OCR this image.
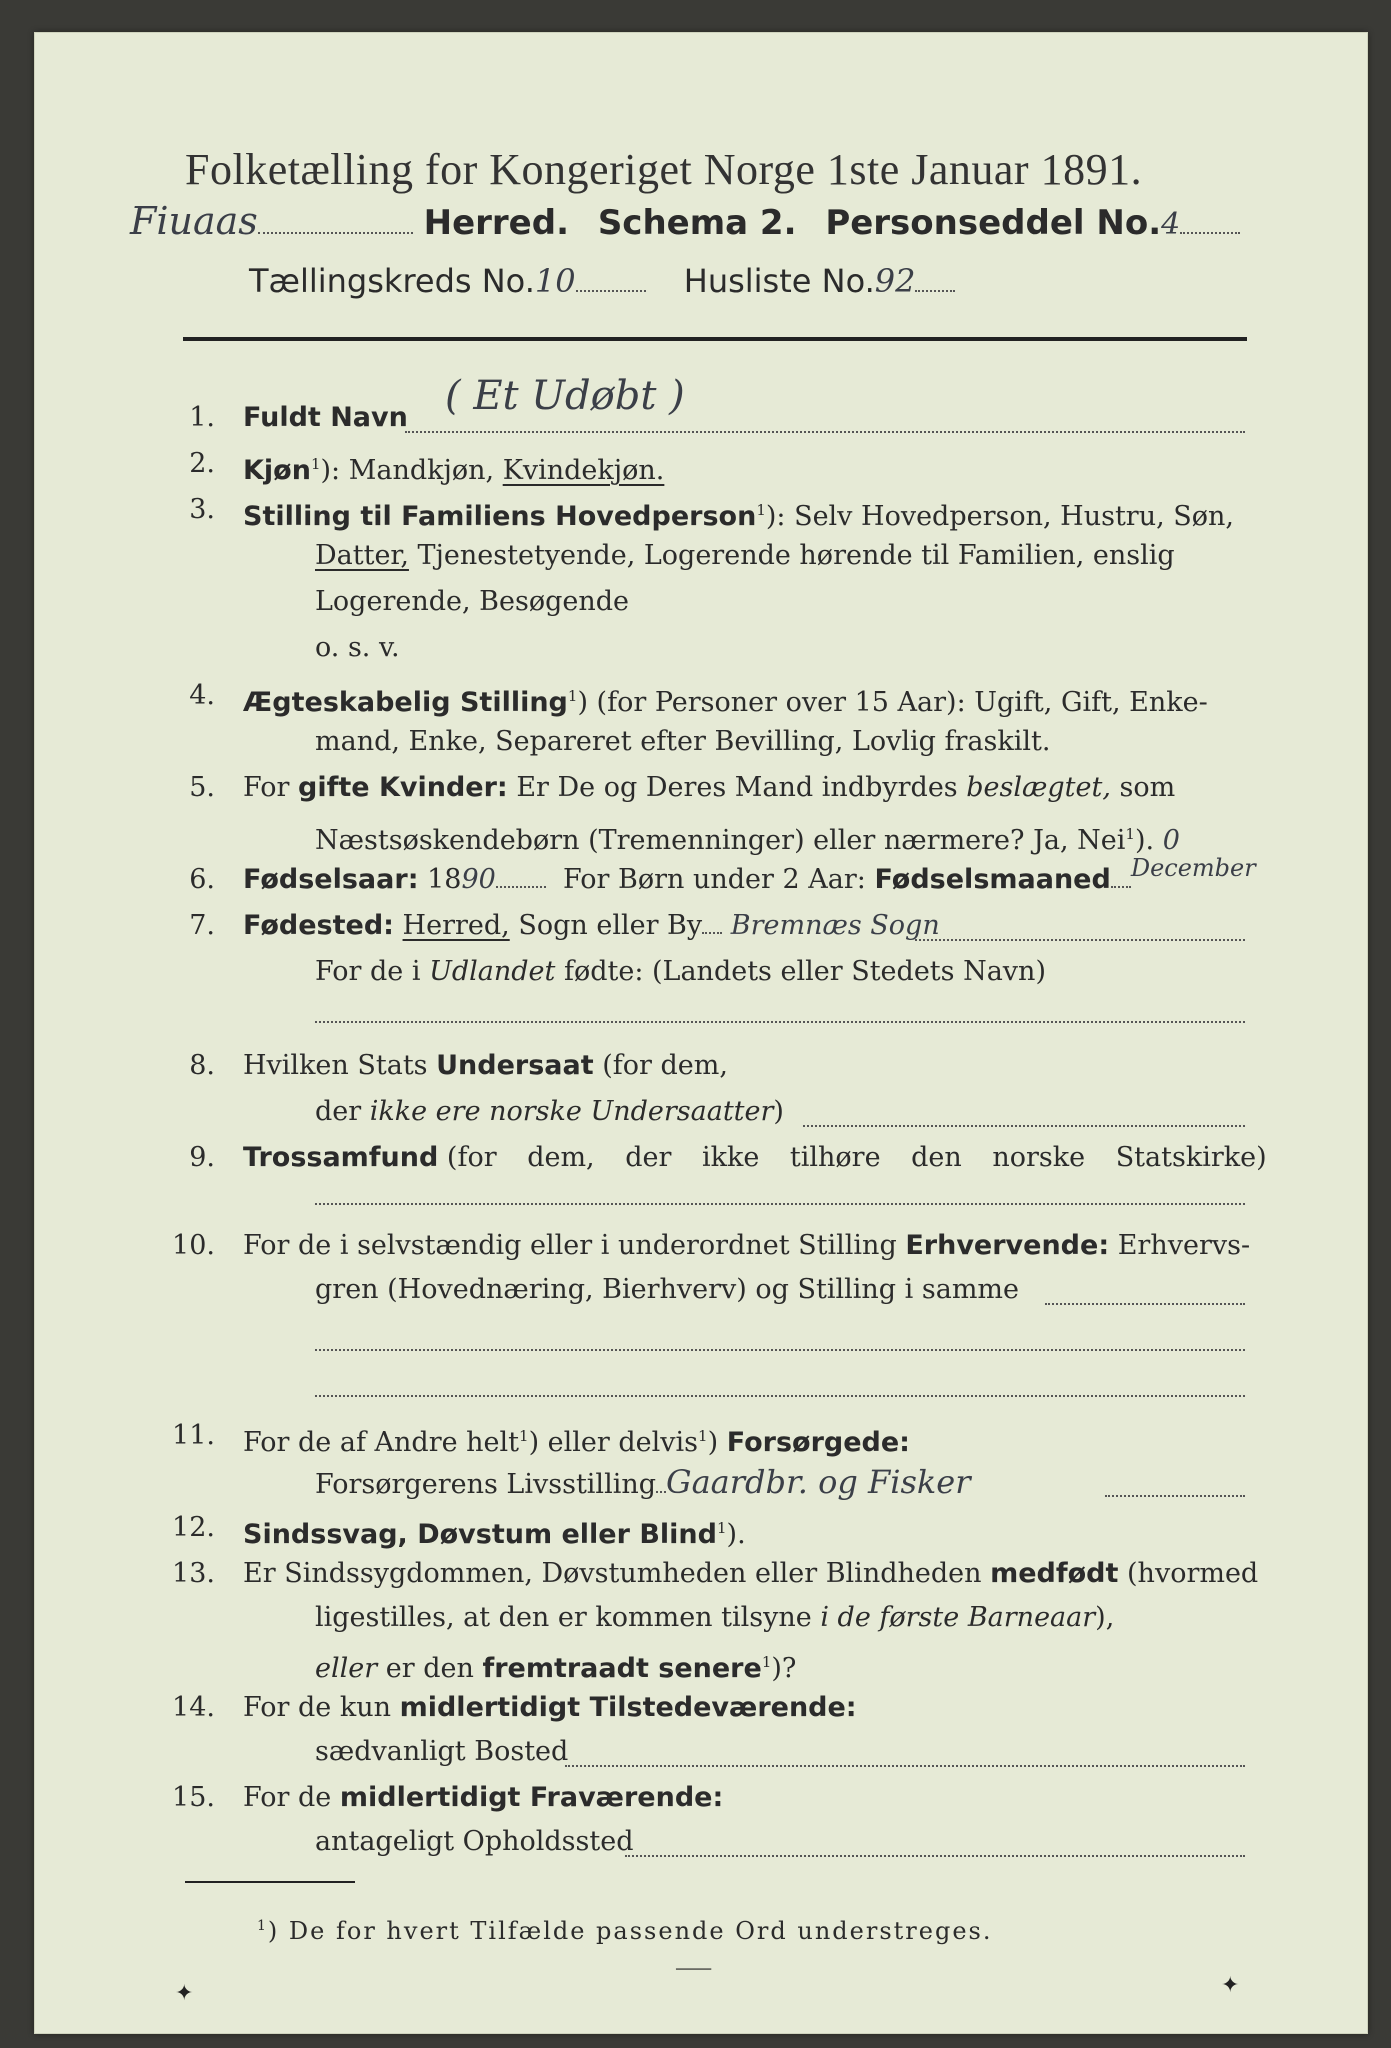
Folketælling for Kongeriget Norge 1ste Januar 1891.
Fiuaas	Herred. Schema 2. Personseddel No.4
Tællingskreds No.10	Husliste No.92
1. Fuldt Navn ( Et Udøbt )
2. Kjøn$^1$): Mandkjøn, Kvindekjøn.
3. Stilling til Familiens Hovedperson$^1$): Selv Hovedperson, Hustru, Søn,
Datter, Tjenestetyende, Logerende hørende til Familien, enslig
Logerende, Besøgende
o. s. v.
4. Ægteskabelig Stilling$^1$) (for Personer over 15 Aar): Ugift, Gift, Enke-
mand, Enke, Separeret efter Bevilling, Lovlig fraskilt.
5. For gifte Kvinder: Er De og Deres Mand indbyrdes beslægtet, som
Næstsøskendebørn (Tremenninger) eller nærmere? Ja, Nei$^1$). 0
6. Fødselsaar: 1890 For Børn under 2 Aar: Fødselsmaaned December
7. Fødested: Herred, Sogn eller By Bremnæs Sogn
For de i Udlandet fødte: (Landets eller Stedets Navn)
8. Hvilken Stats Undersaat (for dem,
der ikke ere norske Undersaatter)
9. Trossamfund (for dem, der ikke tilhøre den norske Statskirke)
10. For de i selvstændig eller i underordnet Stilling Erhvervende: Erhvervs-
gren (Hovednæring, Bierhverv) og Stilling i samme
11. For de af Andre helt$^1$) eller delvis$^1$) Forsørgede:
Forsørgerens Livsstilling Gaardbr. og Fisker
12. Sindssvag, Døvstum eller Blind$^1$).
13. Er Sindssygdommen, Døvstumheden eller Blindheden medfødt (hvormed
ligestilles, at den er kommen tilsyne i de første Barneaar),
eller er den fremtraadt senere$^1$)?
14. For de kun midlertidigt Tilstedeværende:
sædvanligt Bosted
15. For de midlertidigt Fraværende:
antageligt Opholdssted
$^1$) De for hvert Tilfælde passende Ord understreges.
✦
⸺
✦
